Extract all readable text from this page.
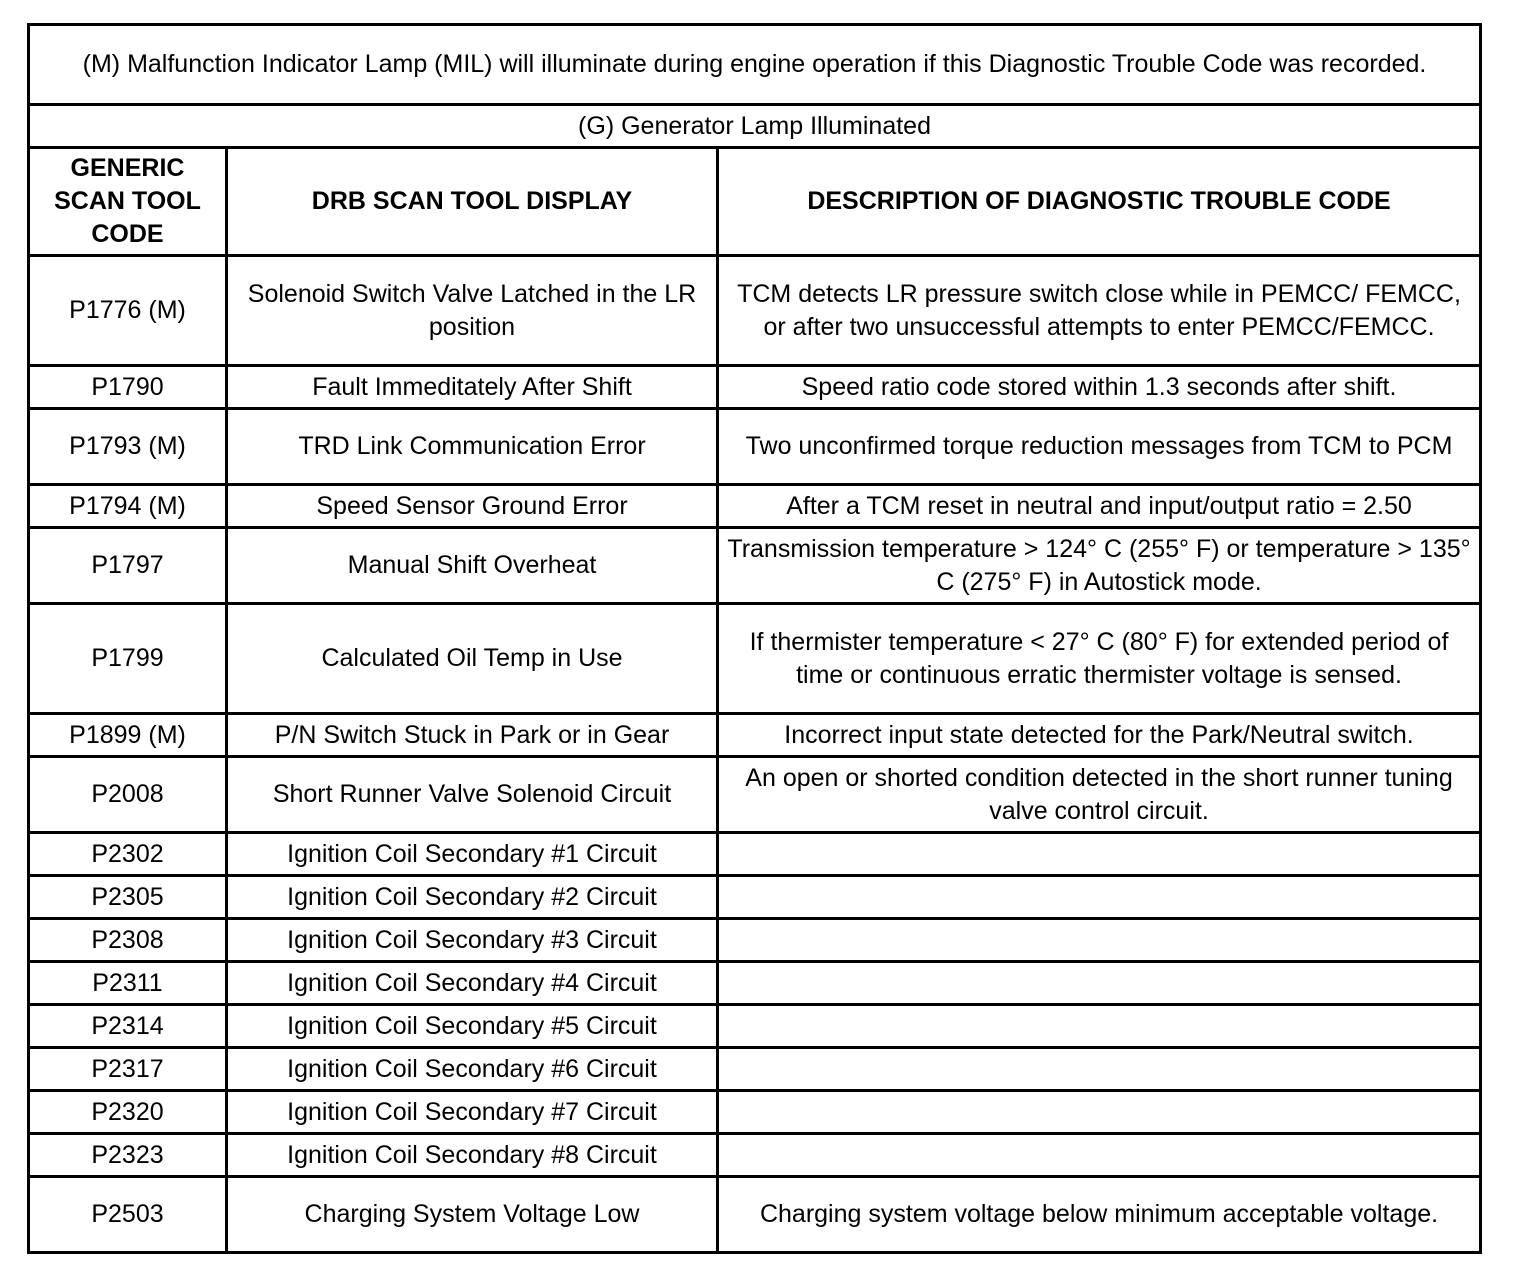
(M) Malfunction Indicator Lamp (MIL) will illuminate during engine operation if this Diagnostic Trouble Code was recorded.		
(G) Generator Lamp Illuminated		
GENERIC SCAN TOOL CODE	DRB SCAN TOOL DISPLAY	DESCRIPTION OF DIAGNOSTIC TROUBLE CODE
P1776 (M)	Solenoid Switch Valve Latched in the LR position	TCM detects LR pressure switch close while in PEMCC/ FEMCC, or after two unsuccessful attempts to enter PEMCC/FEMCC.
P1790	Fault Immeditately After Shift	Speed ratio code stored within 1.3 seconds after shift.
P1793 (M)	TRD Link Communication Error	Two unconfirmed torque reduction messages from TCM to PCM
P1794 (M)	Speed Sensor Ground Error	After a TCM reset in neutral and input/output ratio = 2.50
P1797	Manual Shift Overheat	Transmission temperature > 124° C (255° F) or temperature > 135° C (275° F) in Autostick mode.
P1799	Calculated Oil Temp in Use	If thermister temperature < 27° C (80° F) for extended period of time or continuous erratic thermister voltage is sensed.
P1899 (M)	P/N Switch Stuck in Park or in Gear	Incorrect input state detected for the Park/Neutral switch.
P2008	Short Runner Valve Solenoid Circuit	An open or shorted condition detected in the short runner tuning valve control circuit.
P2302	Ignition Coil Secondary #1 Circuit	
P2305	Ignition Coil Secondary #2 Circuit	
P2308	Ignition Coil Secondary #3 Circuit	
P2311	Ignition Coil Secondary #4 Circuit	
P2314	Ignition Coil Secondary #5 Circuit	
P2317	Ignition Coil Secondary #6 Circuit	
P2320	Ignition Coil Secondary #7 Circuit	
P2323	Ignition Coil Secondary #8 Circuit	
P2503	Charging System Voltage Low	Charging system voltage below minimum acceptable voltage.
